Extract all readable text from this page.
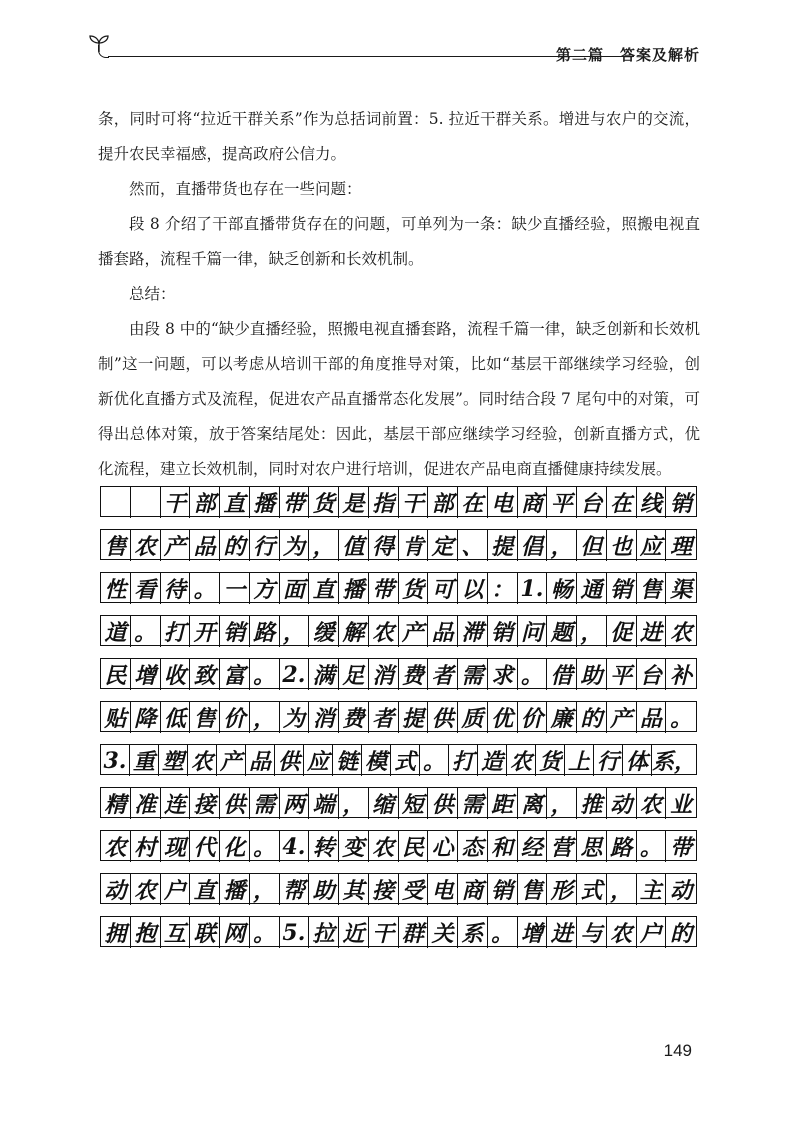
第二篇　答案及解析

条，同时可将“拉近干群关系”作为总括词前置：5. 拉近干群关系。增进与农户的交流，提升农民幸福感，提高政府公信力。

然而，直播带货也存在一些问题：

段 8 介绍了干部直播带货存在的问题，可单列为一条：缺少直播经验，照搬电视直播套路，流程千篇一律，缺乏创新和长效机制。

总结：

由段 8 中的“缺少直播经验，照搬电视直播套路，流程千篇一律，缺乏创新和长效机制”这一问题，可以考虑从培训干部的角度推导对策，比如“基层干部继续学习经验，创新优化直播方式及流程，促进农产品直播常态化发展”。同时结合段 7 尾句中的对策，可得出总体对策，放于答案结尾处：因此，基层干部应继续学习经验，创新直播方式，优化流程，建立长效机制，同时对农户进行培训，促进农产品电商直播健康持续发展。

干 部 直 播 带 货 是 指 干 部 在 电 商 平 台 在 线 销
售 农 产 品 的 行 为 ， 值 得 肯 定 、 提 倡 ， 但 也 应 理
性 看 待 。 一 方 面 直 播 带 货 可 以 ： 1. 畅 通 销 售 渠
道 。 打 开 销 路 ， 缓 解 农 产 品 滞 销 问 题 ， 促 进 农
民 增 收 致 富 。 2. 满 足 消 费 者 需 求 。 借 助 平 台 补
贴 降 低 售 价 ， 为 消 费 者 提 供 质 优 价 廉 的 产 品 。
3. 重 塑 农 产 品 供 应 链 模 式 。 打 造 农 货 上 行 体 系，
精 准 连 接 供 需 两 端 ， 缩 短 供 需 距 离 ， 推 动 农 业
农 村 现 代 化 。 4. 转 变 农 民 心 态 和 经 营 思 路 。 带
动 农 户 直 播 ， 帮 助 其 接 受 电 商 销 售 形 式 ， 主 动
拥 抱 互 联 网 。 5. 拉 近 干 群 关 系 。 增 进 与 农 户 的
149
